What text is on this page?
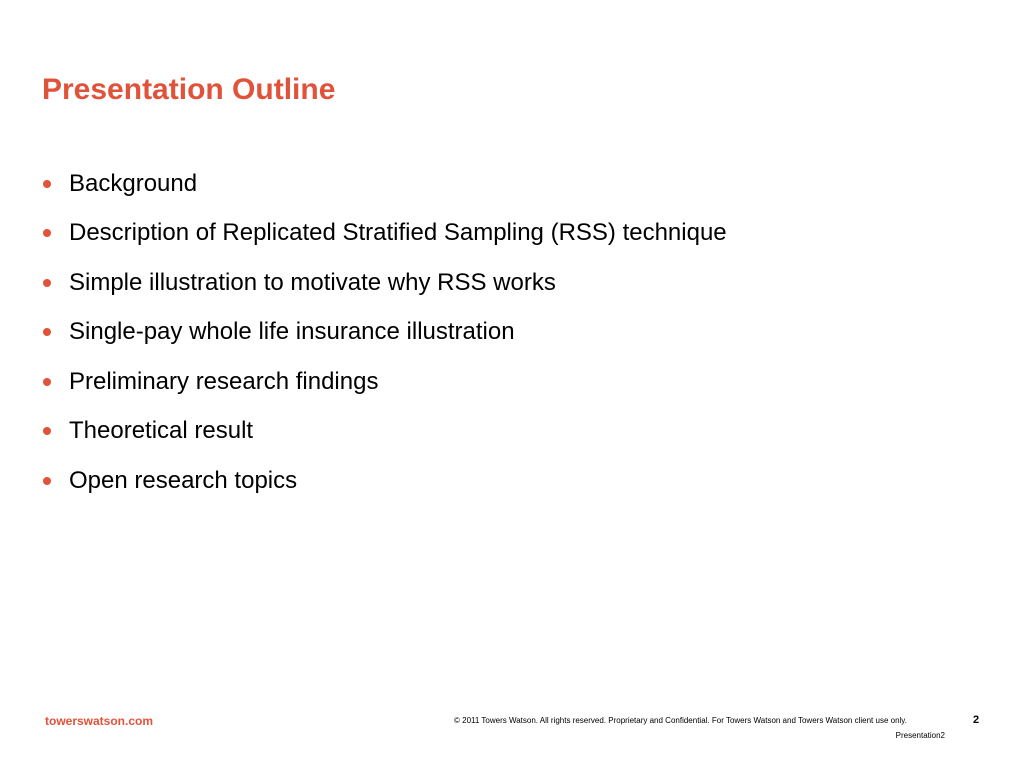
Presentation Outline
Background
Description of Replicated Stratified Sampling (RSS) technique
Simple illustration to motivate why RSS works
Single-pay whole life insurance illustration
Preliminary research findings
Theoretical result
Open research topics
towerswatson.com	© 2011 Towers Watson. All rights reserved. Proprietary and Confidential. For Towers Watson and Towers Watson client use only.	2
Presentation2
